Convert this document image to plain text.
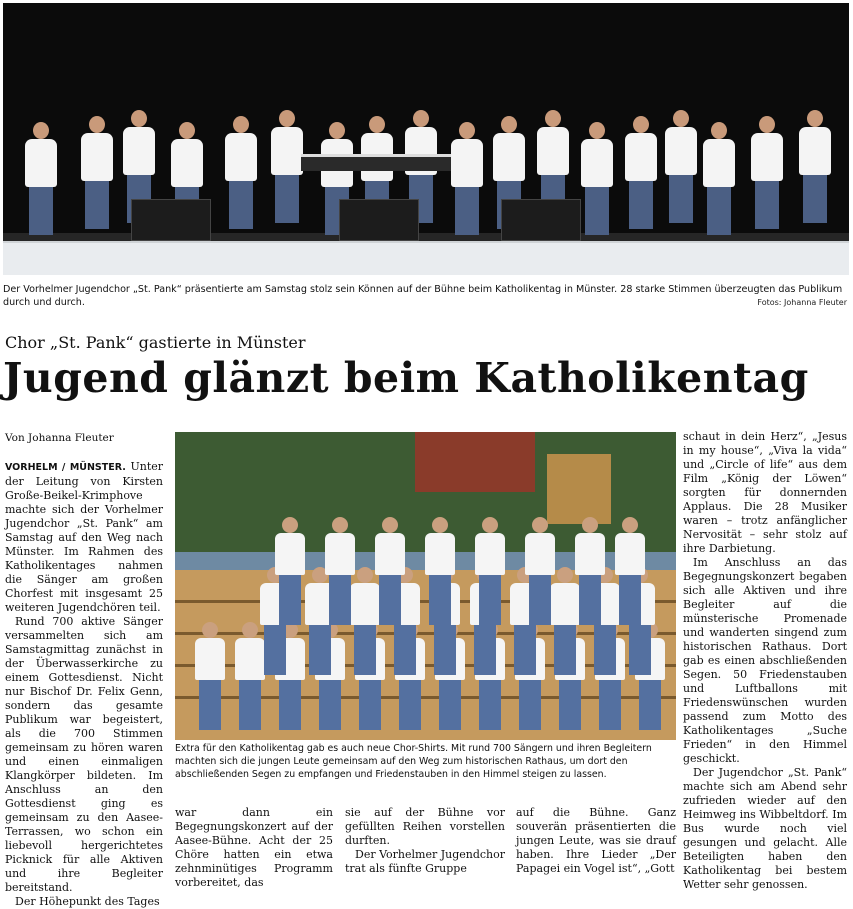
Der Vorhelmer Jugendchor „St. Pank“ präsentierte am Samstag stolz sein Können auf der Bühne beim Katholikentag in Münster. 28 starke Stimmen überzeugten das Publikum durch und durch.	Fotos: Johanna Fleuter
Chor „St. Pank“ gastierte in Münster
Jugend glänzt beim Katholikentag
Von Johanna Fleuter

VORHELM / MÜNSTER. Unter der Leitung von Kirsten Große-Beikel-Krimphove machte sich der Vorhelmer Jugendchor „St. Pank“ am Samstag auf den Weg nach Münster. Im Rahmen des Katholikentages nahmen die Sänger am großen Chorfest mit insgesamt 25 weiteren Jugendchören teil.

Rund 700 aktive Sänger versammelten sich am Samstagmittag zunächst in der Überwasserkirche zu einem Gottesdienst. Nicht nur Bischof Dr. Felix Genn, sondern das gesamte Publikum war begeistert, als die 700 Stimmen gemeinsam zu hören waren und einen einmaligen Klangkörper bildeten. Im Anschluss an den Gottesdienst ging es gemeinsam zu den Aasee-Terrassen, wo schon ein liebevoll hergerichtetes Picknick für alle Aktiven und ihre Begleiter bereitstand.

Der Höhepunkt des Tages

Extra für den Katholikentag gab es auch neue Chor-Shirts. Mit rund 700 Sängern und ihren Begleitern machten sich die jungen Leute gemeinsam auf den Weg zum historischen Rathaus, um dort den abschließenden Segen zu empfangen und Friedenstauben in den Himmel steigen zu lassen.

war dann ein Begegnungskonzert auf der Aasee-Bühne. Acht der 25 Chöre hatten ein etwa zehnminütiges Programm vorbereitet, das

sie auf der Bühne vor gefüllten Reihen vorstellen durften.

Der Vorhelmer Jugendchor trat als fünfte Gruppe

auf die Bühne. Ganz souverän präsentierten die jungen Leute, was sie drauf haben. Ihre Lieder „Der Papagei ein Vogel ist“, „Gott

schaut in dein Herz“, „Jesus in my house“, „Viva la vida“ und „Circle of life“ aus dem Film „König der Löwen“ sorgten für donnernden Applaus. Die 28 Musiker waren – trotz anfänglicher Nervosität – sehr stolz auf ihre Darbietung.

Im Anschluss an das Begegnungskonzert begaben sich alle Aktiven und ihre Begleiter auf die münsterische Promenade und wanderten singend zum historischen Rathaus. Dort gab es einen abschließenden Segen. 50 Friedenstauben und Luftballons mit Friedenswünschen wurden passend zum Motto des Katholikentages „Suche Frieden“ in den Himmel geschickt.

Der Jugendchor „St. Pank“ machte sich am Abend sehr zufrieden wieder auf den Heimweg ins Wibbeltdorf. Im Bus wurde noch viel gesungen und gelacht. Alle Beteiligten haben den Katholikentag bei bestem Wetter sehr genossen.
